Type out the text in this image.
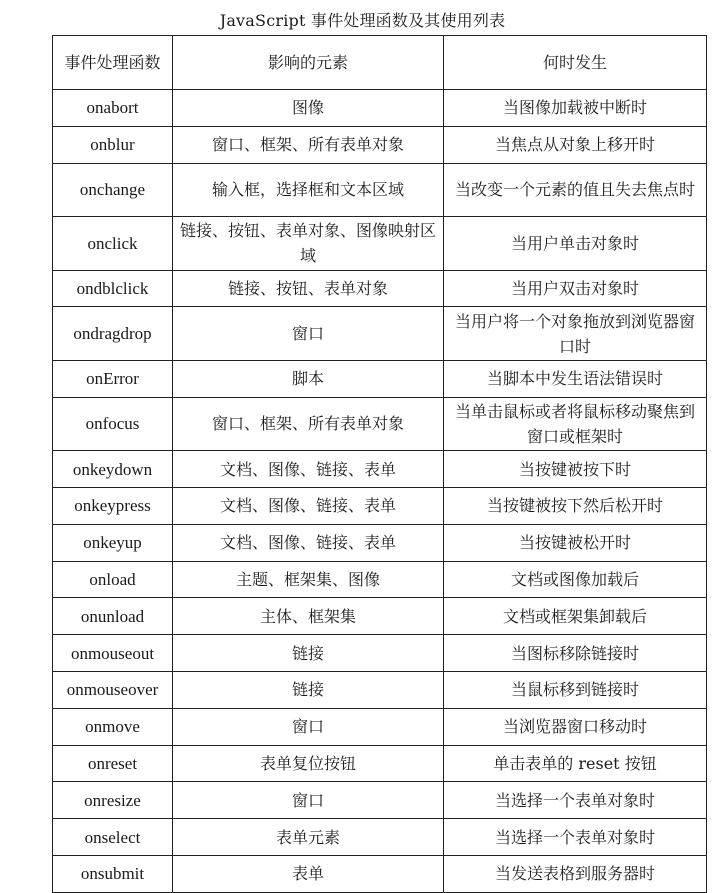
JavaScript 事件处理函数及其使用列表
事件处理函数	影响的元素	何时发生
onabort	图像	当图像加载被中断时
onblur	窗口、框架、所有表单对象	当焦点从对象上移开时
onchange	输入框，选择框和文本区域	当改变一个元素的值且失去焦点时
onclick	链接、按钮、表单对象、图像映射区域	当用户单击对象时
ondblclick	链接、按钮、表单对象	当用户双击对象时
ondragdrop	窗口	当用户将一个对象拖放到浏览器窗口时
onError	脚本	当脚本中发生语法错误时
onfocus	窗口、框架、所有表单对象	当单击鼠标或者将鼠标移动聚焦到窗口或框架时
onkeydown	文档、图像、链接、表单	当按键被按下时
onkeypress	文档、图像、链接、表单	当按键被按下然后松开时
onkeyup	文档、图像、链接、表单	当按键被松开时
onload	主题、框架集、图像	文档或图像加载后
onunload	主体、框架集	文档或框架集卸载后
onmouseout	链接	当图标移除链接时
onmouseover	链接	当鼠标移到链接时
onmove	窗口	当浏览器窗口移动时
onreset	表单复位按钮	单击表单的 reset 按钮
onresize	窗口	当选择一个表单对象时
onselect	表单元素	当选择一个表单对象时
onsubmit	表单	当发送表格到服务器时
